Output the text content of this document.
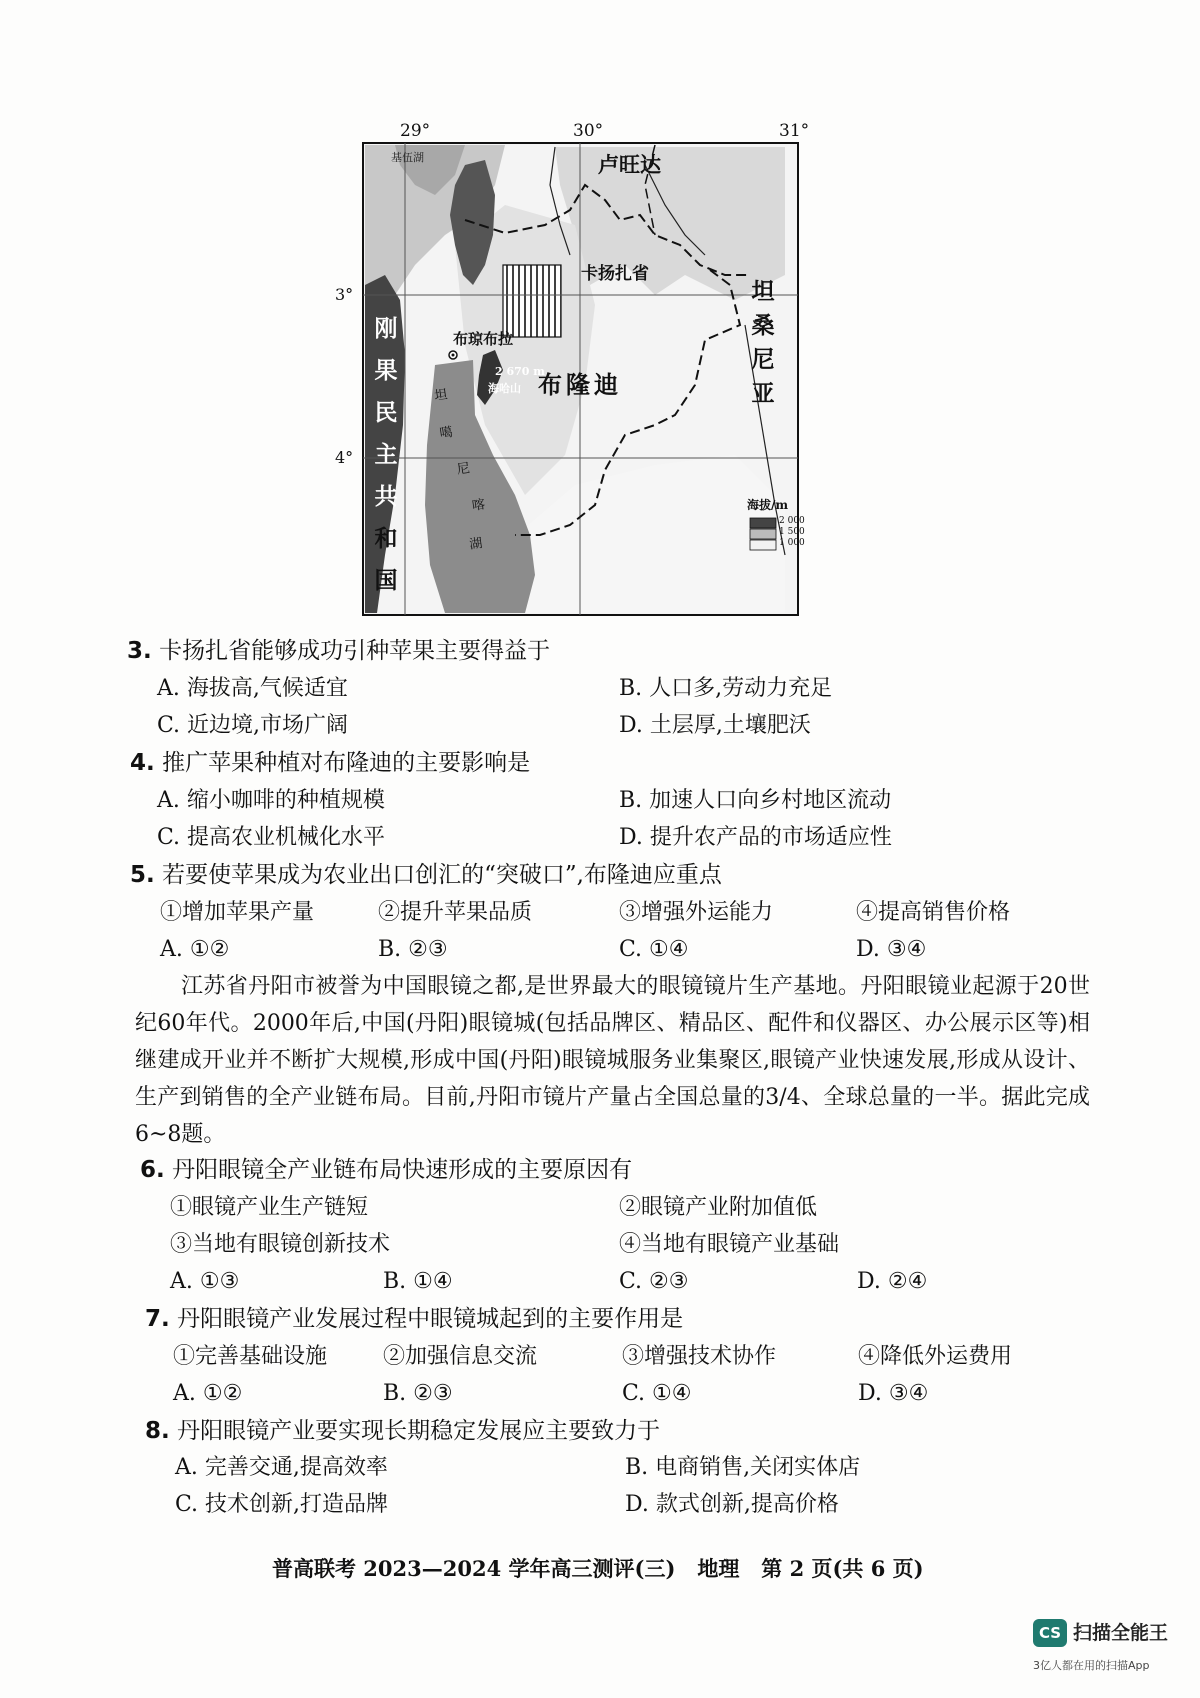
29°	30°	31°
3°
4°
卢旺达
基伍湖
卡扬扎省
布琼布拉
2 670 m
海哈山 布隆迪
坦
桑
尼
亚
刚
果
民
主
共
和
国
坦
噶
尼
喀
湖
海拔/m
2 000
1 500
1 000
3. 卡扬扎省能够成功引种苹果主要得益于
A. 海拔高,气候适宜	B. 人口多,劳动力充足
C. 近边境,市场广阔	D. 土层厚,土壤肥沃
4. 推广苹果种植对布隆迪的主要影响是
A. 缩小咖啡的种植规模	B. 加速人口向乡村地区流动
C. 提高农业机械化水平	D. 提升农产品的市场适应性
5. 若要使苹果成为农业出口创汇的“突破口”,布隆迪应重点
①增加苹果产量	②提升苹果品质	③增强外运能力	④提高销售价格
A. ①②	B. ②③	C. ①④	D. ③④
江苏省丹阳市被誉为中国眼镜之都,是世界最大的眼镜镜片生产基地。丹阳眼镜业起源于20世纪60年代。2000年后,中国(丹阳)眼镜城(包括品牌区、精品区、配件和仪器区、办公展示区等)相继建成开业并不断扩大规模,形成中国(丹阳)眼镜城服务业集聚区,眼镜产业快速发展,形成从设计、生产到销售的全产业链布局。目前,丹阳市镜片产量占全国总量的3/4、全球总量的一半。据此完成6~8题。
6. 丹阳眼镜全产业链布局快速形成的主要原因有
①眼镜产业生产链短	②眼镜产业附加值低
③当地有眼镜创新技术	④当地有眼镜产业基础
A. ①③	B. ①④	C. ②③	D. ②④
7. 丹阳眼镜产业发展过程中眼镜城起到的主要作用是
①完善基础设施	②加强信息交流	③增强技术协作	④降低外运费用
A. ①②	B. ②③	C. ①④	D. ③④
8. 丹阳眼镜产业要实现长期稳定发展应主要致力于
A. 完善交通,提高效率	B. 电商销售,关闭实体店
C. 技术创新,打造品牌	D. 款式创新,提高价格
普高联考 2023—2024 学年高三测评(三)   地理   第 2 页(共 6 页)
CS 扫描全能王
3亿人都在用的扫描App
